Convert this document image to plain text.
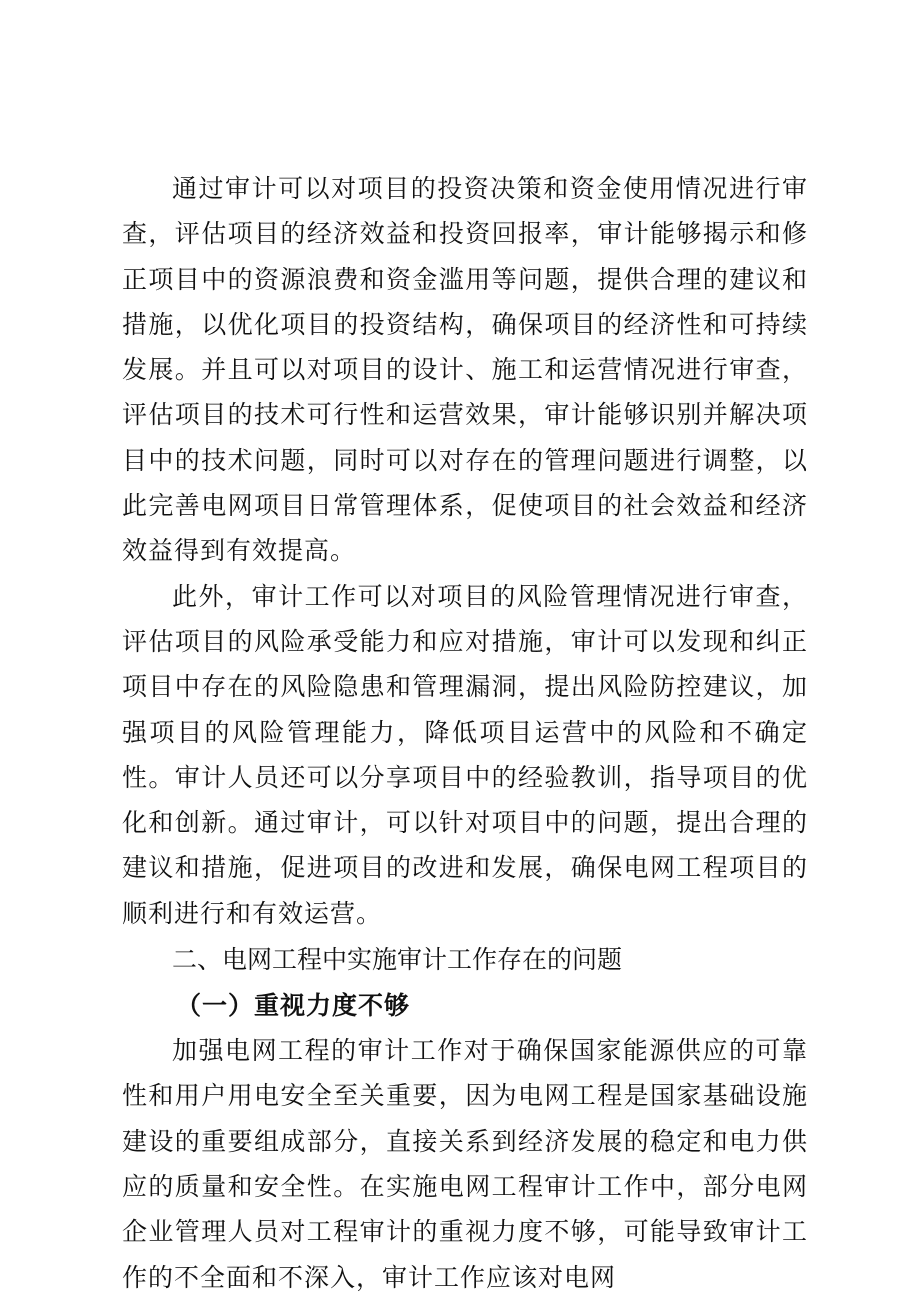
通过审计可以对项目的投资决策和资金使用情况进行审查，评估项目的经济效益和投资回报率，审计能够揭示和修正项目中的资源浪费和资金滥用等问题，提供合理的建议和措施，以优化项目的投资结构，确保项目的经济性和可持续发展。并且可以对项目的设计、施工和运营情况进行审查，评估项目的技术可行性和运营效果，审计能够识别并解决项目中的技术问题，同时可以对存在的管理问题进行调整，以此完善电网项目日常管理体系，促使项目的社会效益和经济效益得到有效提高。

此外，审计工作可以对项目的风险管理情况进行审查，评估项目的风险承受能力和应对措施，审计可以发现和纠正项目中存在的风险隐患和管理漏洞，提出风险防控建议，加强项目的风险管理能力，降低项目运营中的风险和不确定性。审计人员还可以分享项目中的经验教训，指导项目的优化和创新。通过审计，可以针对项目中的问题，提出合理的建议和措施，促进项目的改进和发展，确保电网工程项目的顺利进行和有效运营。

二、电网工程中实施审计工作存在的问题
（一）重视力度不够

加强电网工程的审计工作对于确保国家能源供应的可靠性和用户用电安全至关重要，因为电网工程是国家基础设施建设的重要组成部分，直接关系到经济发展的稳定和电力供应的质量和安全性。在实施电网工程审计工作中，部分电网企业管理人员对工程审计的重视力度不够，可能导致审计工作的不全面和不深入，审计工作应该对电网
